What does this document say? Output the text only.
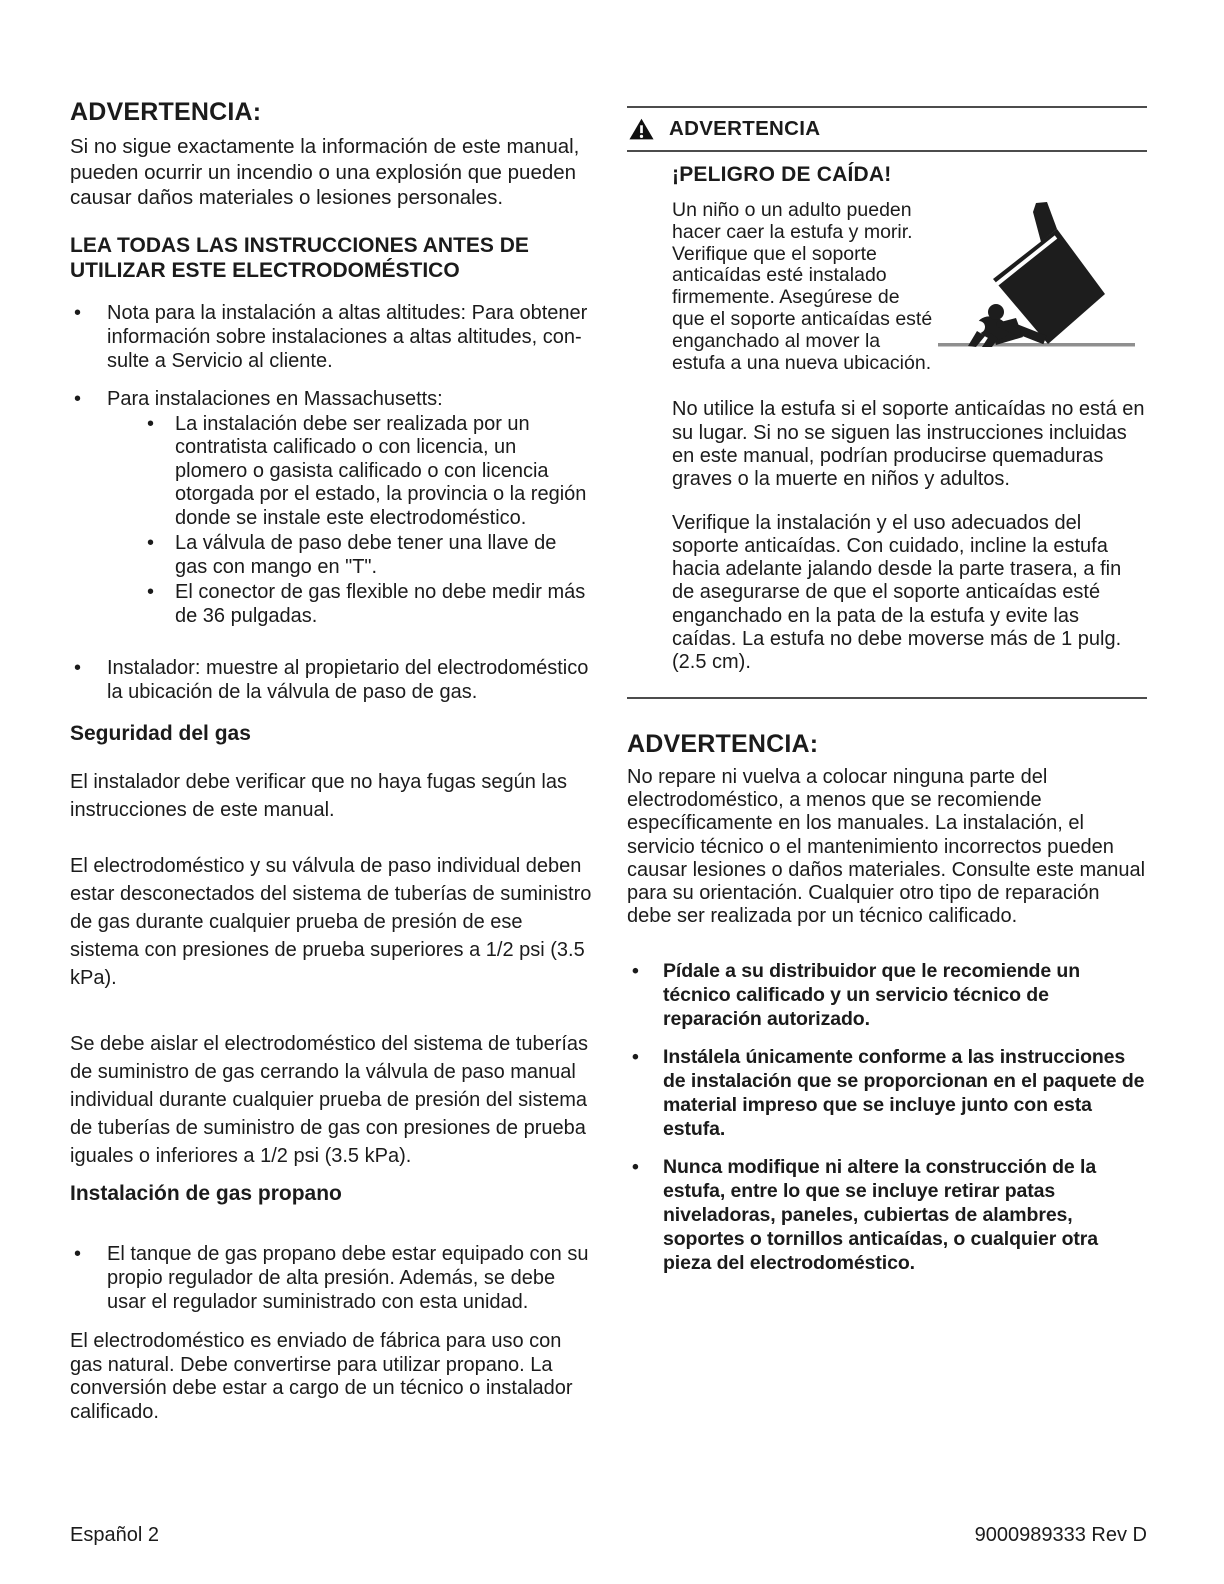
ADVERTENCIA:

Si no sigue exactamente la información de este manual, pueden ocurrir un incendio o una explosión que pueden causar daños materiales o lesiones personales.

LEA TODAS LAS INSTRUCCIONES ANTES DE UTILIZAR ESTE ELECTRODOMÉSTICO
• Nota para la instalación a altas altitudes: Para obtener información sobre instalaciones a altas altitudes, consulte a Servicio al cliente.
• Para instalaciones en Massachusetts:
• La instalación debe ser realizada por un contratista calificado o con licencia, un plomero o gasista calificado o con licencia otorgada por el estado, la provincia o la región donde se instale este electrodoméstico.
• La válvula de paso debe tener una llave de gas con mango en "T".
• El conector de gas flexible no debe medir más de 36 pulgadas.
• Instalador: muestre al propietario del electrodoméstico la ubicación de la válvula de paso de gas.
Seguridad del gas

El instalador debe verificar que no haya fugas según las instrucciones de este manual.

El electrodoméstico y su válvula de paso individual deben estar desconectados del sistema de tuberías de suministro de gas durante cualquier prueba de presión de ese sistema con presiones de prueba superiores a 1/2 psi (3.5 kPa).

Se debe aislar el electrodoméstico del sistema de tuberías de suministro de gas cerrando la válvula de paso manual individual durante cualquier prueba de presión del sistema de tuberías de suministro de gas con presiones de prueba iguales o inferiores a 1/2 psi (3.5 kPa).

Instalación de gas propano
• El tanque de gas propano debe estar equipado con su propio regulador de alta presión. Además, se debe usar el regulador suministrado con esta unidad.

El electrodoméstico es enviado de fábrica para uso con gas natural. Debe convertirse para utilizar propano. La conversión debe estar a cargo de un técnico o instalador calificado.

ADVERTENCIA
¡PELIGRO DE CAÍDA!

Un niño o un adulto pueden hacer caer la estufa y morir. Verifique que el soporte anticaídas esté instalado firmemente. Asegúrese de que el soporte anticaídas esté enganchado al mover la estufa a una nueva ubicación.

No utilice la estufa si el soporte anticaídas no está en su lugar. Si no se siguen las instrucciones incluidas en este manual, podrían producirse quemaduras graves o la muerte en niños y adultos.

Verifique la instalación y el uso adecuados del soporte anticaídas. Con cuidado, incline la estufa hacia adelante jalando desde la parte trasera, a fin de asegurarse de que el soporte anticaídas esté enganchado en la pata de la estufa y evite las caídas. La estufa no debe moverse más de 1 pulg. (2.5 cm).

ADVERTENCIA:

No repare ni vuelva a colocar ninguna parte del electrodoméstico, a menos que se recomiende específicamente en los manuales. La instalación, el servicio técnico o el mantenimiento incorrectos pueden causar lesiones o daños materiales. Consulte este manual para su orientación. Cualquier otro tipo de reparación debe ser realizada por un técnico calificado.

• Pídale a su distribuidor que le recomiende un técnico calificado y un servicio técnico de reparación autorizado.
• Instálela únicamente conforme a las instrucciones de instalación que se proporcionan en el paquete de material impreso que se incluye junto con esta estufa.
• Nunca modifique ni altere la construcción de la estufa, entre lo que se incluye retirar patas niveladoras, paneles, cubiertas de alambres, soportes o tornillos anticaídas, o cualquier otra pieza del electrodoméstico.
Español 2	9000989333 Rev D
